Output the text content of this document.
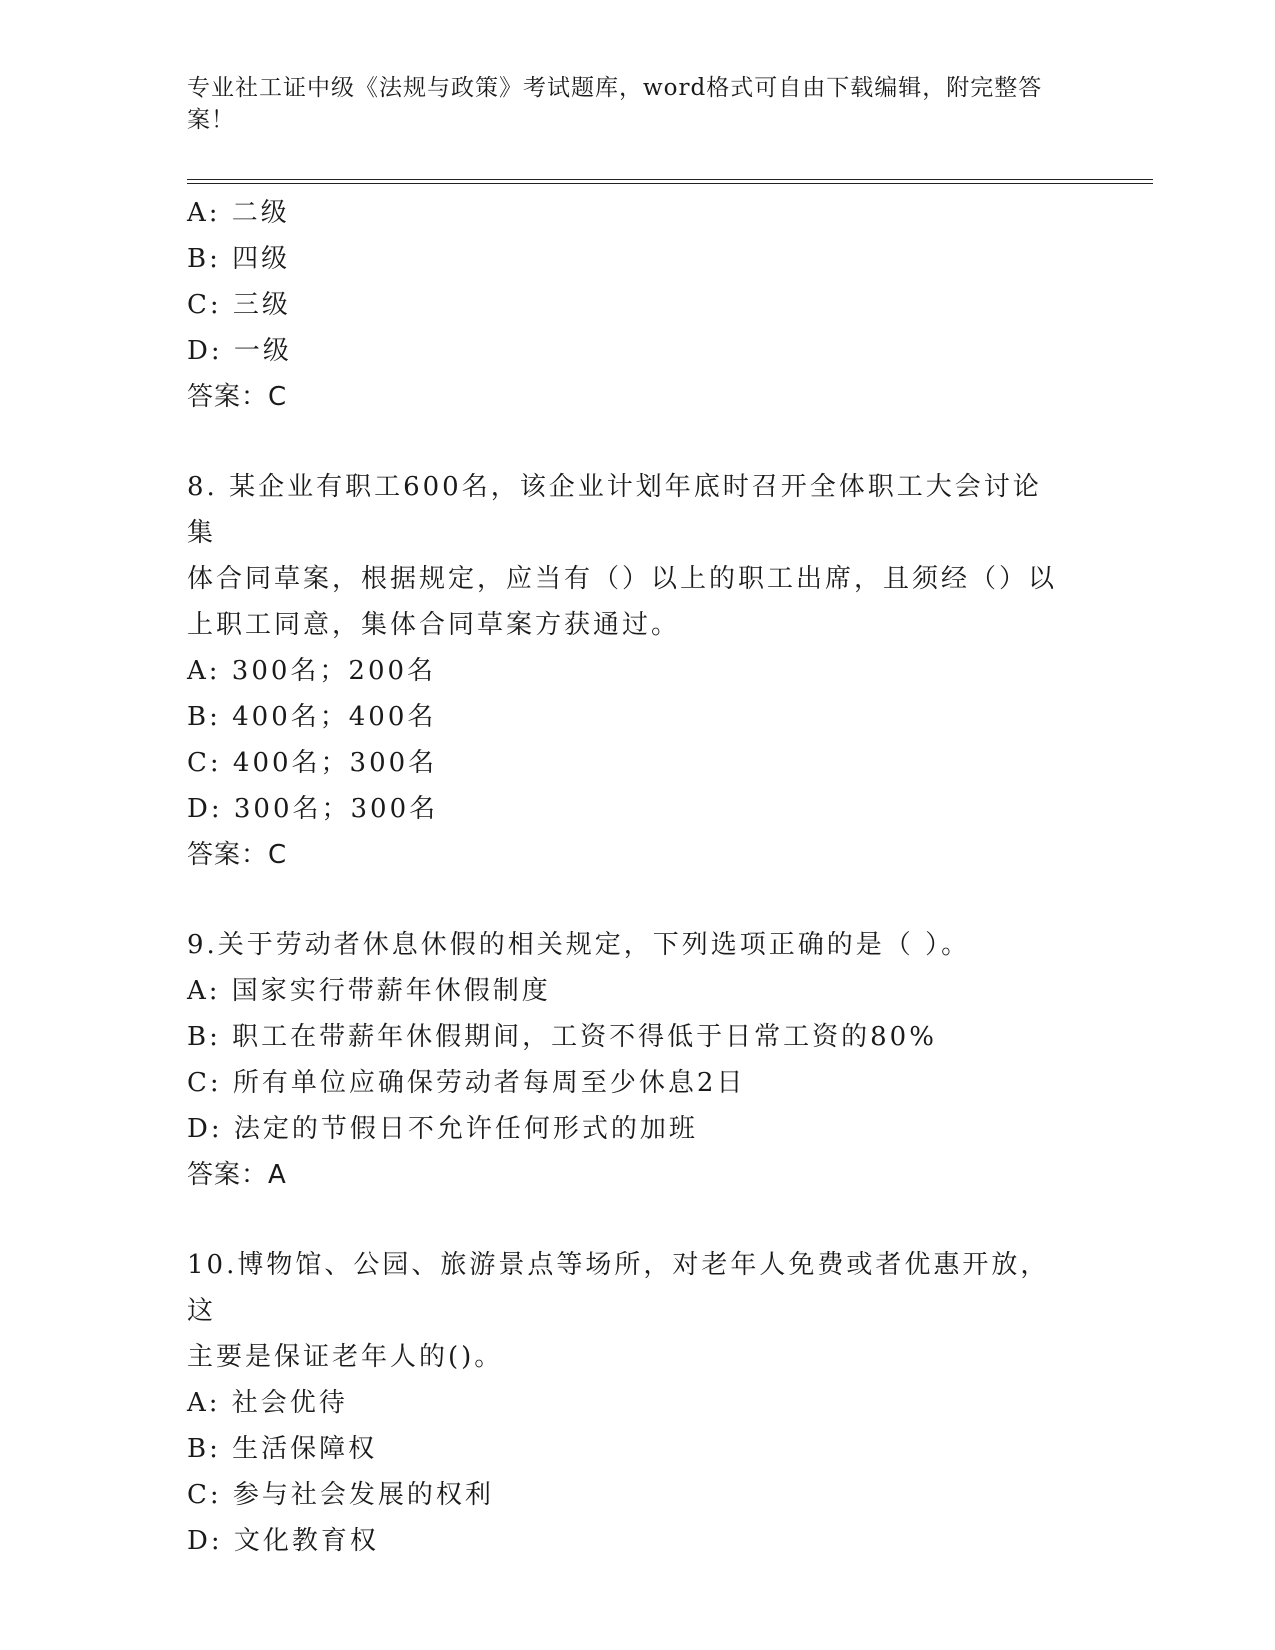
专业社工证中级《法规与政策》考试题库，word格式可自由下载编辑，附完整答
案！
A: 二级
B: 四级
C: 三级
D: 一级
答案：C
8. 某企业有职工600名，该企业计划年底时召开全体职工大会讨论集
体合同草案，根据规定，应当有（）以上的职工出席，且须经（）以
上职工同意，集体合同草案方获通过。
A: 300名；200名
B: 400名；400名
C: 400名；300名
D: 300名；300名
答案：C
9.关于劳动者休息休假的相关规定，下列选项正确的是（ ）。
A: 国家实行带薪年休假制度
B: 职工在带薪年休假期间，工资不得低于日常工资的80%
C: 所有单位应确保劳动者每周至少休息2日
D: 法定的节假日不允许任何形式的加班
答案：A
10.博物馆、公园、旅游景点等场所，对老年人免费或者优惠开放，这
主要是保证老年人的()。
A: 社会优待
B: 生活保障权
C: 参与社会发展的权利
D: 文化教育权
